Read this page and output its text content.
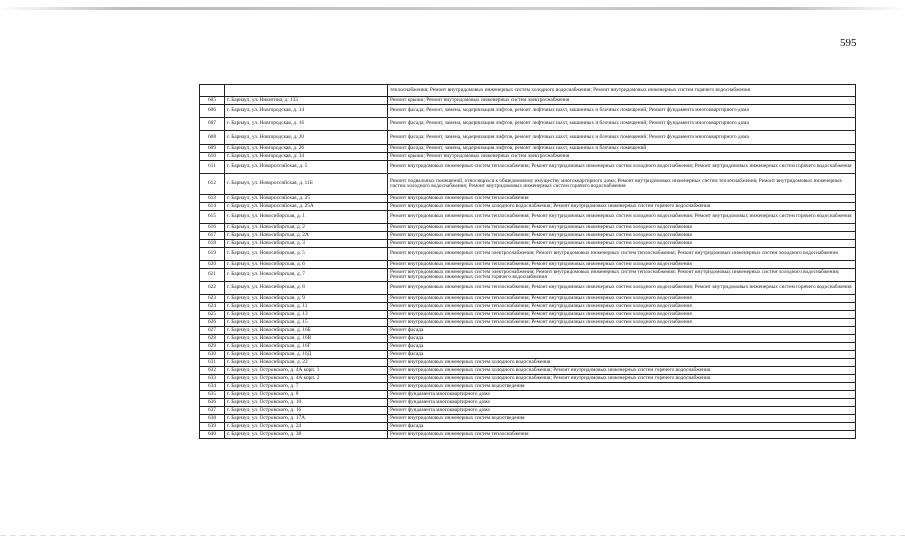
595
		теплоснабжения; Ремонт внутридомовых инженерных систем холодного водоснабжения; Ремонт внутридомовых инженерных систем горячего водоснабжения
605	г. Барнаул, ул. Никитина, д. 133	Ремонт крыши; Ремонт внутридомовых инженерных систем электроснабжения
606	г. Барнаул, ул. Новгородская, д. 14	Ремонт фасада; Ремонт, замена, модернизация лифтов, ремонт лифтовых шахт, машинных и блочных помещений; Ремонт фундамента многоквартирного дома
607	г. Барнаул, ул. Новгородская, д. 16	Ремонт фасада; Ремонт, замена, модернизация лифтов, ремонт лифтовых шахт, машинных и блочных помещений; Ремонт фундамента многоквартирного дома
608	г. Барнаул, ул. Новгородская, д. 20	Ремонт фасада; Ремонт, замена, модернизация лифтов, ремонт лифтовых шахт, машинных и блочных помещений; Ремонт фундамента многоквартирного дома
609	г. Барнаул, ул. Новгородская, д. 26	Ремонт фасада; Ремонт, замена, модернизация лифтов, ремонт лифтовых шахт, машинных и блочных помещений
610	г. Барнаул, ул. Новгородская, д. 34	Ремонт крыши; Ремонт внутридомовых инженерных систем электроснабжения
611	г. Барнаул, ул. Новороссийская, д. 5	Ремонт внутридомовых инженерных систем теплоснабжения; Ремонт внутридомовых инженерных систем холодного водоснабжения; Ремонт внутридомовых инженерных систем горячего водоснабжения
612	г. Барнаул, ул. Новороссийская, д. 11Б	Ремонт подвальных помещений, относящихся к общедомовому имуществу многоквартирного дома; Ремонт внутридомовых инженерных систем теплоснабжения; Ремонт внутридомовых инженерных систем холодного водоснабжения; Ремонт внутридомовых инженерных систем горячего водоснабжения
613	г. Барнаул, ул. Новороссийская, д. 25	Ремонт внутридомовых инженерных систем теплоснабжения
614	г. Барнаул, ул. Новороссийская, д. 25А	Ремонт внутридомовых инженерных систем холодного водоснабжения; Ремонт внутридомовых инженерных систем горячего водоснабжения
615	г. Барнаул, ул. Новосибирская, д. 1	Ремонт внутридомовых инженерных систем теплоснабжения; Ремонт внутридомовых инженерных систем холодного водоснабжения; Ремонт внутридомовых инженерных систем горячего водоснабжения
616	г. Барнаул, ул. Новосибирская, д. 2	Ремонт внутридомовых инженерных систем теплоснабжения; Ремонт внутридомовых инженерных систем холодного водоснабжения
617	г. Барнаул, ул. Новосибирская, д. 2А	Ремонт внутридомовых инженерных систем теплоснабжения; Ремонт внутридомовых инженерных систем холодного водоснабжения
618	г. Барнаул, ул. Новосибирская, д. 3	Ремонт внутридомовых инженерных систем теплоснабжения; Ремонт внутридомовых инженерных систем холодного водоснабжения
619	г. Барнаул, ул. Новосибирская, д. 5	Ремонт внутридомовых инженерных систем электроснабжения; Ремонт внутридомовых инженерных систем теплоснабжения; Ремонт внутридомовых инженерных систем холодного водоснабжения
620	г. Барнаул, ул. Новосибирская, д. 6	Ремонт внутридомовых инженерных систем теплоснабжения; Ремонт внутридомовых инженерных систем холодного водоснабжения
621	г. Барнаул, ул. Новосибирская, д. 7	Ремонт внутридомовых инженерных систем электроснабжения; Ремонт внутридомовых инженерных систем теплоснабжения; Ремонт внутридомовых инженерных систем холодного водоснабжения; Ремонт внутридомовых инженерных систем горячего водоснабжения
622	г. Барнаул, ул. Новосибирская, д. 8	Ремонт внутридомовых инженерных систем теплоснабжения; Ремонт внутридомовых инженерных систем холодного водоснабжения; Ремонт внутридомовых инженерных систем горячего водоснабжения
623	г. Барнаул, ул. Новосибирская, д. 9	Ремонт внутридомовых инженерных систем теплоснабжения; Ремонт внутридомовых инженерных систем холодного водоснабжения
624	г. Барнаул, ул. Новосибирская, д. 11	Ремонт внутридомовых инженерных систем теплоснабжения; Ремонт внутридомовых инженерных систем холодного водоснабжения
625	г. Барнаул, ул. Новосибирская, д. 13	Ремонт внутридомовых инженерных систем теплоснабжения; Ремонт внутридомовых инженерных систем холодного водоснабжения
626	г. Барнаул, ул. Новосибирская, д. 15	Ремонт внутридомовых инженерных систем теплоснабжения; Ремонт внутридомовых инженерных систем холодного водоснабжения
627	г. Барнаул, ул. Новосибирская, д. 16Б	Ремонт фасада
628	г. Барнаул, ул. Новосибирская, д. 16В	Ремонт фасада
629	г. Барнаул, ул. Новосибирская, д. 16Г	Ремонт фасада
630	г. Барнаул, ул. Новосибирская, д. 16Д	Ремонт фасада
631	г. Барнаул, ул. Новосибирская, д. 22	Ремонт внутридомовых инженерных систем холодного водоснабжения
632	г. Барнаул, ул. Островского, д. 4А корп. 1	Ремонт внутридомовых инженерных систем холодного водоснабжения; Ремонт внутридомовых инженерных систем горячего водоснабжения
633	г. Барнаул, ул. Островского, д. 4А корп. 2	Ремонт внутридомовых инженерных систем холодного водоснабжения; Ремонт внутридомовых инженерных систем горячего водоснабжения
634	г. Барнаул, ул. Островского, д. 7	Ремонт внутридомовых инженерных систем водоотведения
635	г. Барнаул, ул. Островского, д. 8	Ремонт фундамента многоквартирного дома
636	г. Барнаул, ул. Островского, д. 10	Ремонт фундамента многоквартирного дома
637	г. Барнаул, ул. Островского, д. 16	Ремонт фундамента многоквартирного дома
638	г. Барнаул, ул. Островского, д. 17А	Ремонт внутридомовых инженерных систем водоотведения
639	г. Барнаул, ул. Островского, д. 24	Ремонт фасада
640	г. Барнаул, ул. Островского, д. 38	Ремонт внутридомовых инженерных систем теплоснабжения
